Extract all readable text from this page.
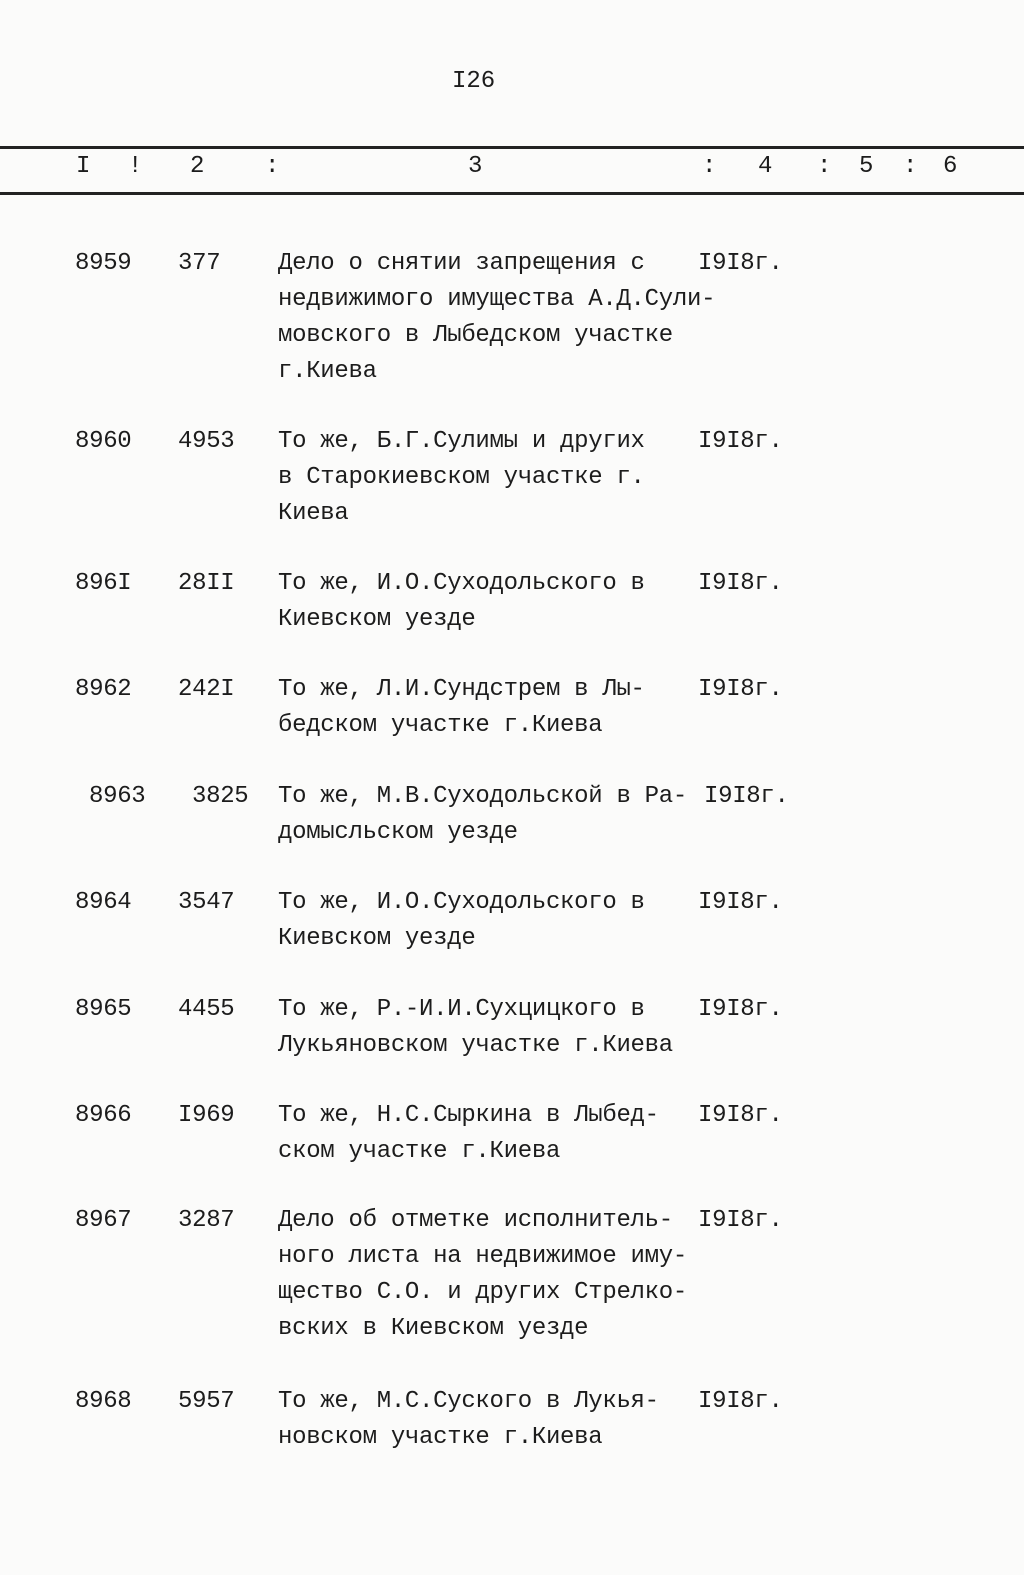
I26
I ! 2	:	3	: 4 : 5 : 6
8959 377 Дело о снятии запрещения с
недвижимого имущества А.Д.Сули-
мовского в Лыбедском участке
г.Киева
I9I8г.
8960 4953 То же, Б.Г.Сулимы и других
в Старокиевском участке г.
Киева
I9I8г.
896I 28II То же, И.О.Суходольского в
Киевском уезде
I9I8г.
8962 242I То же, Л.И.Сундстрем в Лы-
бедском участке г.Киева
I9I8г.
8963 3825 То же, М.В.Суходольской в Ра-
домысльском уезде
I9I8г.
8964 3547 То же, И.О.Суходольского в
Киевском уезде
I9I8г.
8965 4455 То же, Р.-И.И.Сухцицкого в
Лукьяновском участке г.Киева
I9I8г.
8966 I969 То же, Н.С.Сыркина в Лыбед-
ском участке г.Киева
I9I8г.
8967 3287 Дело об отметке исполнитель-
ного листа на недвижимое иму-
щество С.О. и других Стрелко-
вских в Киевском уезде
I9I8г.
8968 5957 То же, М.С.Суского в Лукья-
новском участке г.Киева
I9I8г.
